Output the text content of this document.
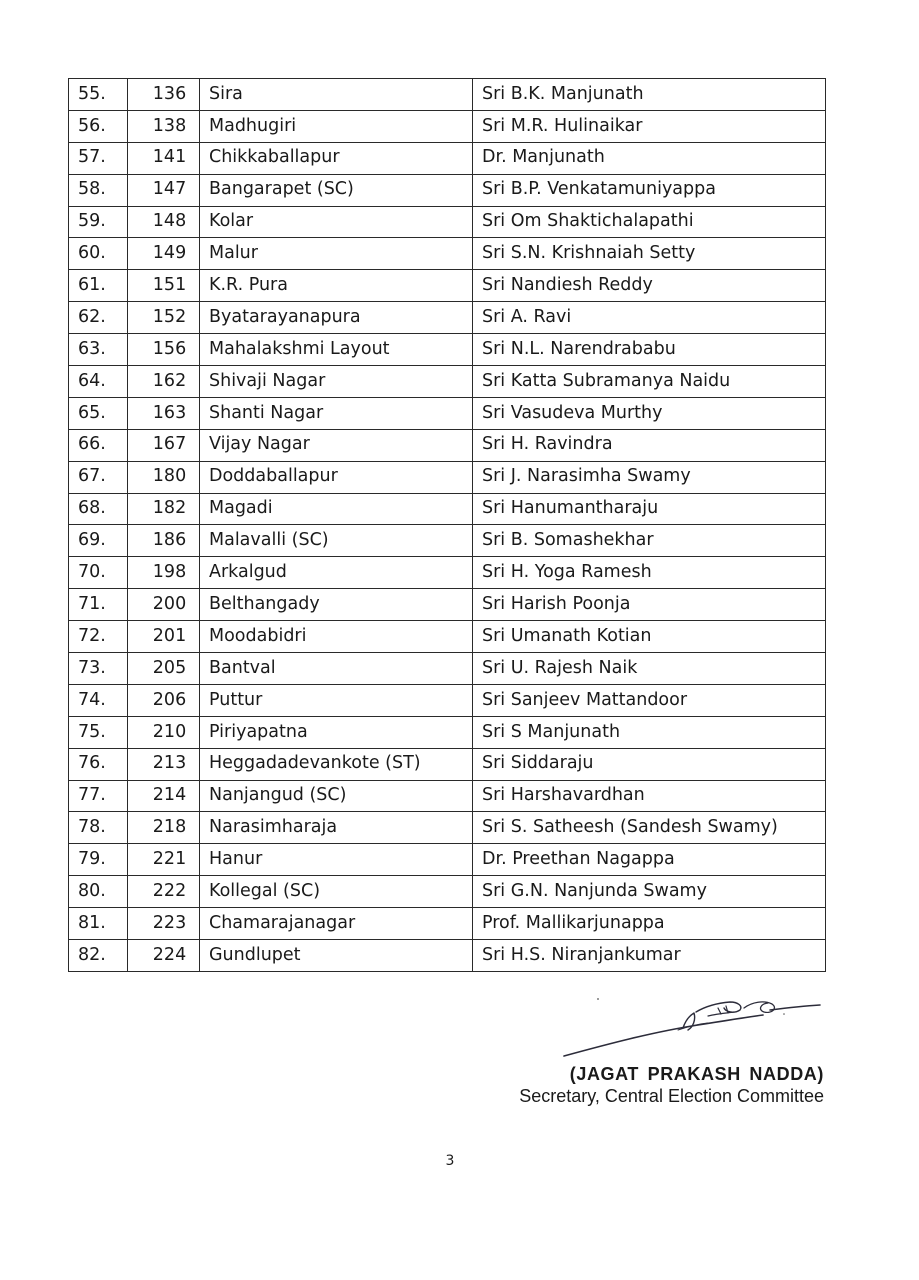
55.	136	Sira	Sri B.K. Manjunath
56.	138	Madhugiri	Sri M.R. Hulinaikar
57.	141	Chikkaballapur	Dr. Manjunath
58.	147	Bangarapet (SC)	Sri B.P. Venkatamuniyappa
59.	148	Kolar	Sri Om Shaktichalapathi
60.	149	Malur	Sri S.N. Krishnaiah Setty
61.	151	K.R. Pura	Sri Nandiesh Reddy
62.	152	Byatarayanapura	Sri A. Ravi
63.	156	Mahalakshmi Layout	Sri N.L. Narendrababu
64.	162	Shivaji Nagar	Sri Katta Subramanya Naidu
65.	163	Shanti Nagar	Sri Vasudeva Murthy
66.	167	Vijay Nagar	Sri H. Ravindra
67.	180	Doddaballapur	Sri J. Narasimha Swamy
68.	182	Magadi	Sri Hanumantharaju
69.	186	Malavalli (SC)	Sri B. Somashekhar
70.	198	Arkalgud	Sri H. Yoga Ramesh
71.	200	Belthangady	Sri Harish Poonja
72.	201	Moodabidri	Sri Umanath Kotian
73.	205	Bantval	Sri U. Rajesh Naik
74.	206	Puttur	Sri Sanjeev Mattandoor
75.	210	Piriyapatna	Sri S Manjunath
76.	213	Heggadadevankote (ST)	Sri Siddaraju
77.	214	Nanjangud (SC)	Sri Harshavardhan
78.	218	Narasimharaja	Sri S. Satheesh (Sandesh Swamy)
79.	221	Hanur	Dr. Preethan Nagappa
80.	222	Kollegal (SC)	Sri G.N. Nanjunda Swamy
81.	223	Chamarajanagar	Prof. Mallikarjunappa
82.	224	Gundlupet	Sri H.S. Niranjankumar
(JAGAT PRAKASH NADDA)
Secretary, Central Election Committee
3
